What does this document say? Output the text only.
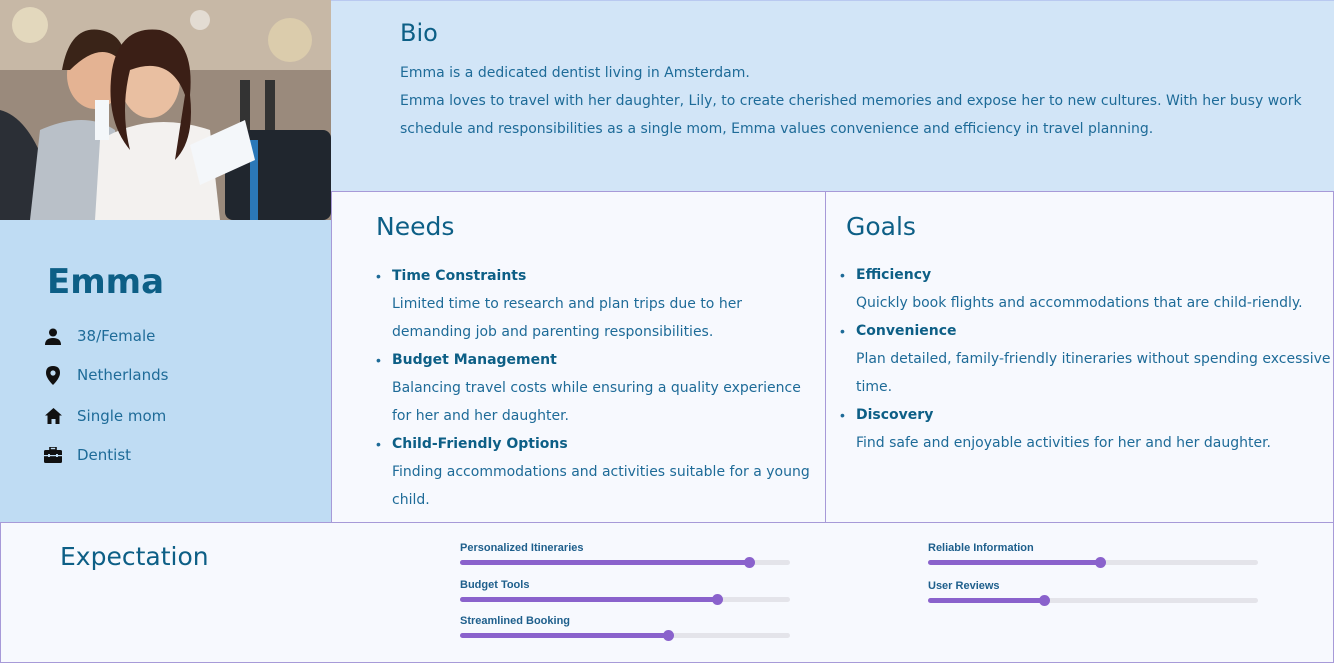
Emma
38/Female
Netherlands
Single mom
Dentist
Bio

Emma is a dedicated dentist living in Amsterdam.
Emma loves to travel with her daughter, Lily, to create cherished memories and expose her to new cultures. With her busy work schedule and responsibilities as a single mom, Emma values convenience and efficiency in travel planning.

Needs
• Time Constraints
Limited time to research and plan trips due to her demanding job and parenting responsibilities.
• Budget Management
Balancing travel costs while ensuring a quality experience for her and her daughter.
• Child-Friendly Options
Finding accommodations and activities suitable for a young child.
Goals
• Efficiency
Quickly book flights and accommodations that are child-riendly.
• Convenience
Plan detailed, family-friendly itineraries without spending excessive time.
• Discovery
Find safe and enjoyable activities for her and her daughter.
Expectation	Personalized Itineraries
Budget Tools
Streamlined Booking
Reliable Information
User Reviews
